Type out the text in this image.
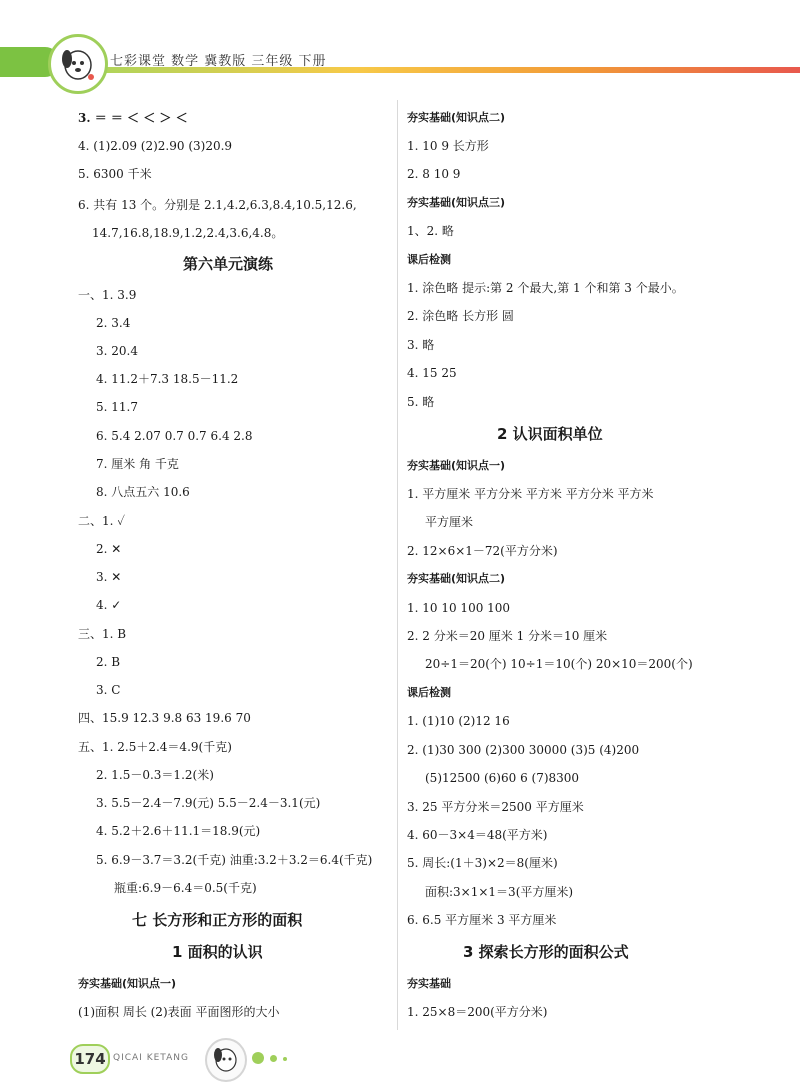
七彩课堂 数学 冀教版 三年级 下册
3. ＝ ＝ ＜ ＜ ＞ ＜
4. (1)2.09 (2)2.90 (3)20.9
5. 6300 千米
6. 共有 13 个。分别是 2.1,4.2,6.3,8.4,10.5,12.6,
14.7,16.8,18.9,1.2,2.4,3.6,4.8。
第六单元演练
一、1. 3.9
2. 3.4
3. 20.4
4. 11.2＋7.3 18.5－11.2
5. 11.7
6. 5.4 2.07 0.7 0.7 6.4 2.8
7. 厘米 角 千克
8. 八点五六 10.6
二、1. ✓
2. ✕
3. ✕
4. ✓
三、1. B
2. B
3. C
四、15.9 12.3 9.8 63 19.6 70
五、1. 2.5＋2.4＝4.9(千克)
2. 1.5－0.3＝1.2(米)
3. 5.5－2.4－7.9(元) 5.5－2.4－3.1(元)
4. 5.2＋2.6＋11.1＝18.9(元)
5. 6.9－3.7＝3.2(千克) 油重:3.2＋3.2＝6.4(千克)
瓶重:6.9－6.4＝0.5(千克)
七 长方形和正方形的面积
1 面积的认识
夯实基础(知识点一)
(1)面积 周长 (2)表面 平面图形的大小
夯实基础(知识点二)
1. 10 9 长方形
2. 8 10 9
夯实基础(知识点三)
1、2. 略
课后检测
1. 涂色略 提示:第 2 个最大,第 1 个和第 3 个最小。
2. 涂色略 长方形 圆
3. 略
4. 15 25
5. 略
2 认识面积单位
夯实基础(知识点一)
1. 平方厘米 平方分米 平方米 平方分米 平方米
平方厘米
2. 12×6×1－72(平方分米)
夯实基础(知识点二)
1. 10 10 100 100
2. 2 分米＝20 厘米 1 分米＝10 厘米
20÷1＝20(个) 10÷1＝10(个) 20×10＝200(个)
课后检测
1. (1)10 (2)12 16
2. (1)30 300 (2)300 30000 (3)5 (4)200
(5)12500 (6)60 6 (7)8300
3. 25 平方分米＝2500 平方厘米
4. 60－3×4＝48(平方米)
5. 周长:(1＋3)×2＝8(厘米)
面积:3×1×1＝3(平方厘米)
6. 6.5 平方厘米 3 平方厘米
3 探索长方形的面积公式
夯实基础
1. 25×8＝200(平方分米)
174 QICAI KETANG
